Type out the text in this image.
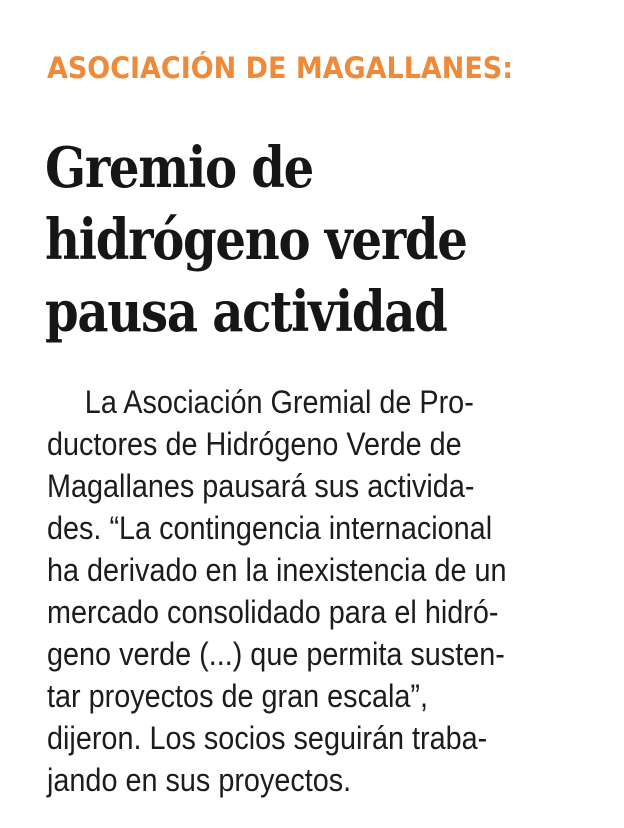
ASOCIACIÓN DE MAGALLANES:

Gremio de
hidrógeno verde
pausa actividad

La Asociación Gremial de Pro-
ductores de Hidrógeno Verde de
Magallanes pausará sus activida-
des. “La contingencia internacional
ha derivado en la inexistencia de un
mercado consolidado para el hidró-
geno verde (...) que permita susten-
tar proyectos de gran escala”,
dijeron. Los socios seguirán traba-
jando en sus proyectos.
